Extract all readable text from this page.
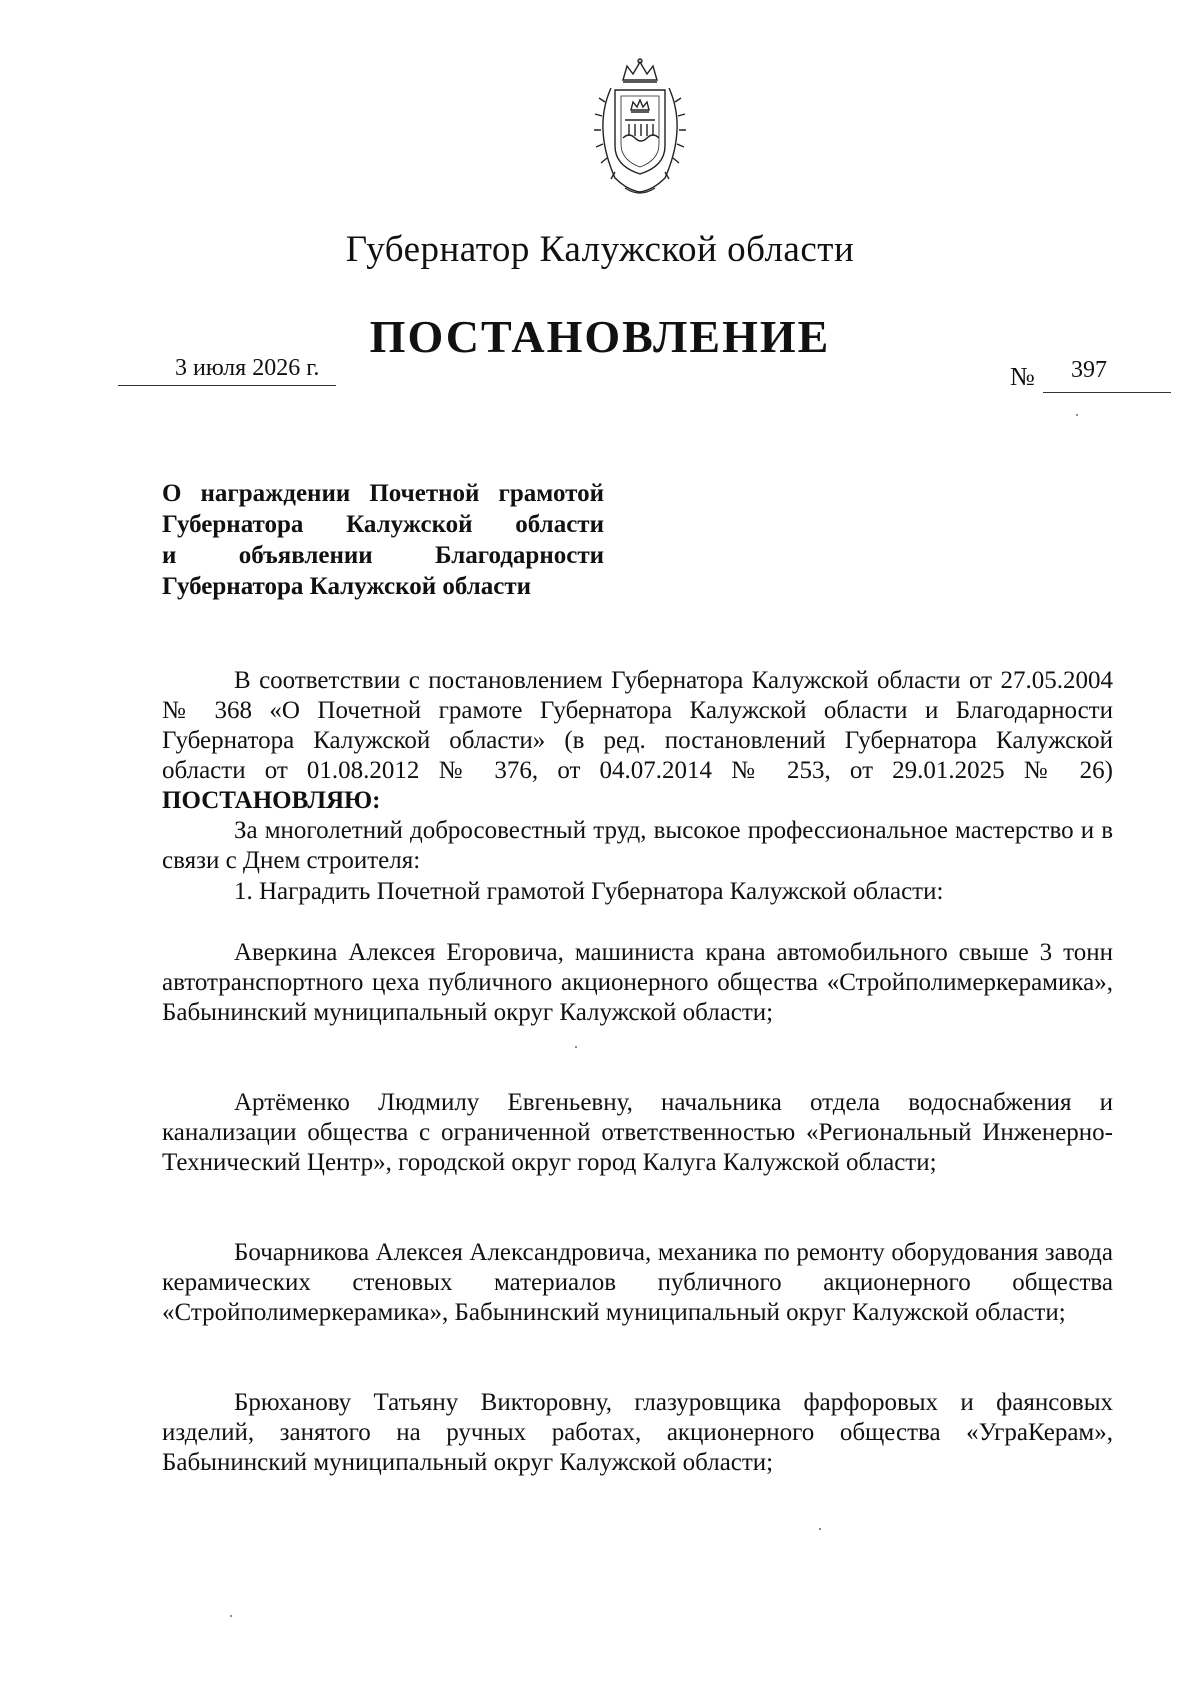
Губернатор Калужской области
ПОСТАНОВЛЕНИЕ
3 июля 2026 г.	№ 397
О награждении Почетной грамотой
Губернатора Калужской области
и объявлении Благодарности
Губернатора Калужской области

В соответствии с постановлением Губернатора Калужской области от 27.05.2004 № 368 «О Почетной грамоте Губернатора Калужской области и Благодарности Губернатора Калужской области» (в ред. постановлений Губернатора Калужской области от 01.08.2012 № 376, от 04.07.2014 № 253, от 29.01.2025 № 26) ПОСТАНОВЛЯЮ:

За многолетний добросовестный труд, высокое профессиональное мастерство и в связи с Днем строителя:

1. Наградить Почетной грамотой Губернатора Калужской области:

Аверкина Алексея Егоровича, машиниста крана автомобильного свыше 3 тонн автотранспортного цеха публичного акционерного общества «Стройполимеркерамика», Бабынинский муниципальный округ Калужской области;

Артёменко Людмилу Евгеньевну, начальника отдела водоснабжения и канализации общества с ограниченной ответственностью «Региональный Инженерно-Технический Центр», городской округ город Калуга Калужской области;

Бочарникова Алексея Александровича, механика по ремонту оборудования завода керамических стеновых материалов публичного акционерного общества «Стройполимеркерамика», Бабынинский муниципальный округ Калужской области;

Брюханову Татьяну Викторовну, глазуровщика фарфоровых и фаянсовых изделий, занятого на ручных работах, акционерного общества «УграКерам», Бабынинский муниципальный округ Калужской области;
